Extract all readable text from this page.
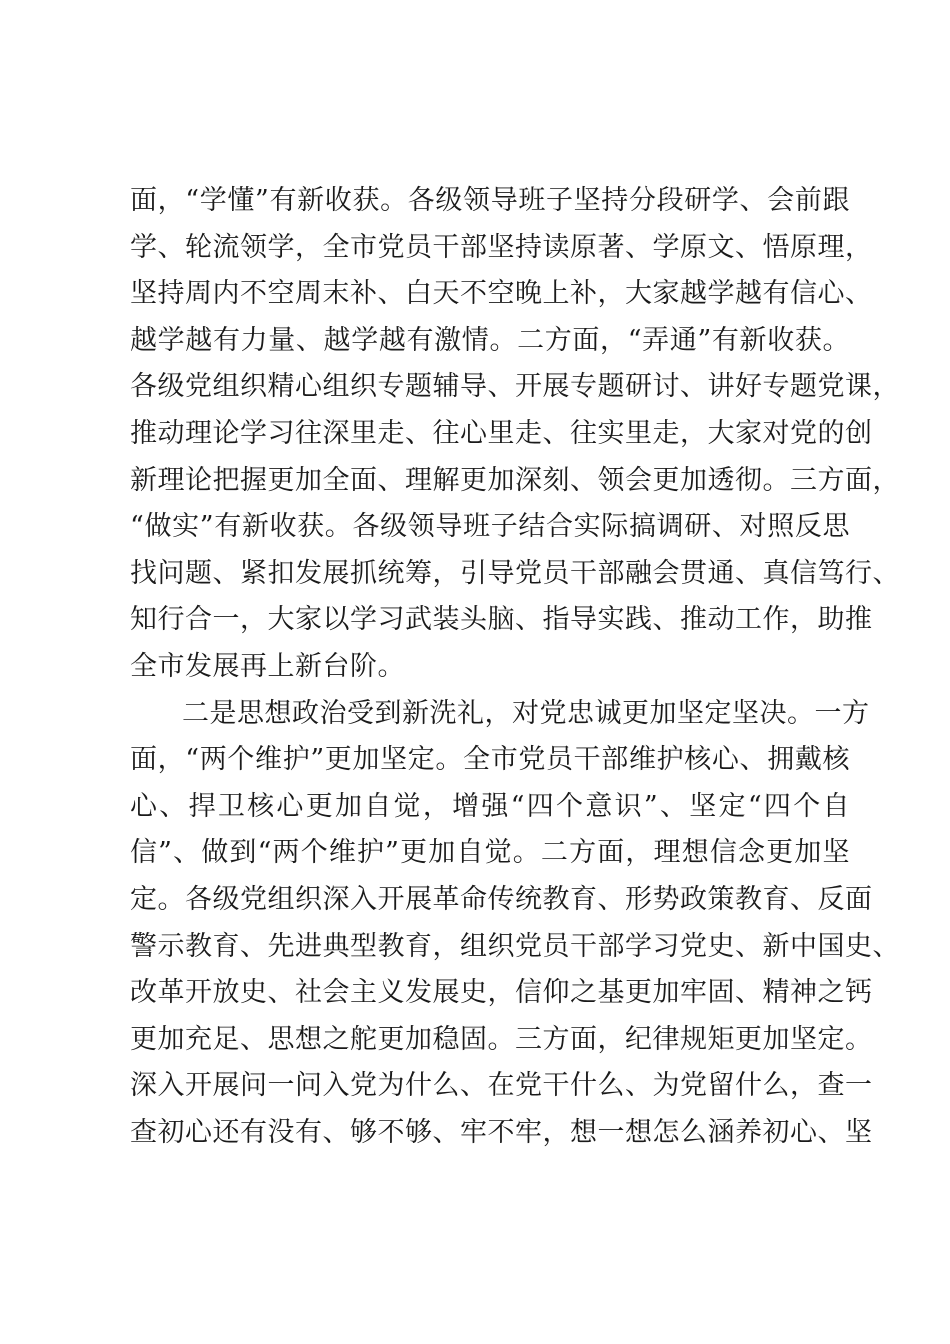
面，“学懂”有新收获。各级领导班子坚持分段研学、会前跟
学、轮流领学，全市党员干部坚持读原著、学原文、悟原理，
坚持周内不空周末补、白天不空晚上补，大家越学越有信心、
越学越有力量、越学越有激情。二方面，“弄通”有新收获。
各级党组织精心组织专题辅导、开展专题研讨、讲好专题党课，
推动理论学习往深里走、往心里走、往实里走，大家对党的创
新理论把握更加全面、理解更加深刻、领会更加透彻。三方面，
“做实”有新收获。各级领导班子结合实际搞调研、对照反思
找问题、紧扣发展抓统筹，引导党员干部融会贯通、真信笃行、
知行合一，大家以学习武装头脑、指导实践、推动工作，助推
全市发展再上新台阶。
二是思想政治受到新洗礼，对党忠诚更加坚定坚决。一方
面，“两个维护”更加坚定。全市党员干部维护核心、拥戴核
心、捍卫核心更加自觉，增强“四个意识”、坚定“四个自
信”、做到“两个维护”更加自觉。二方面，理想信念更加坚
定。各级党组织深入开展革命传统教育、形势政策教育、反面
警示教育、先进典型教育，组织党员干部学习党史、新中国史、
改革开放史、社会主义发展史，信仰之基更加牢固、精神之钙
更加充足、思想之舵更加稳固。三方面，纪律规矩更加坚定。
深入开展问一问入党为什么、在党干什么、为党留什么，查一
查初心还有没有、够不够、牢不牢，想一想怎么涵养初心、坚
